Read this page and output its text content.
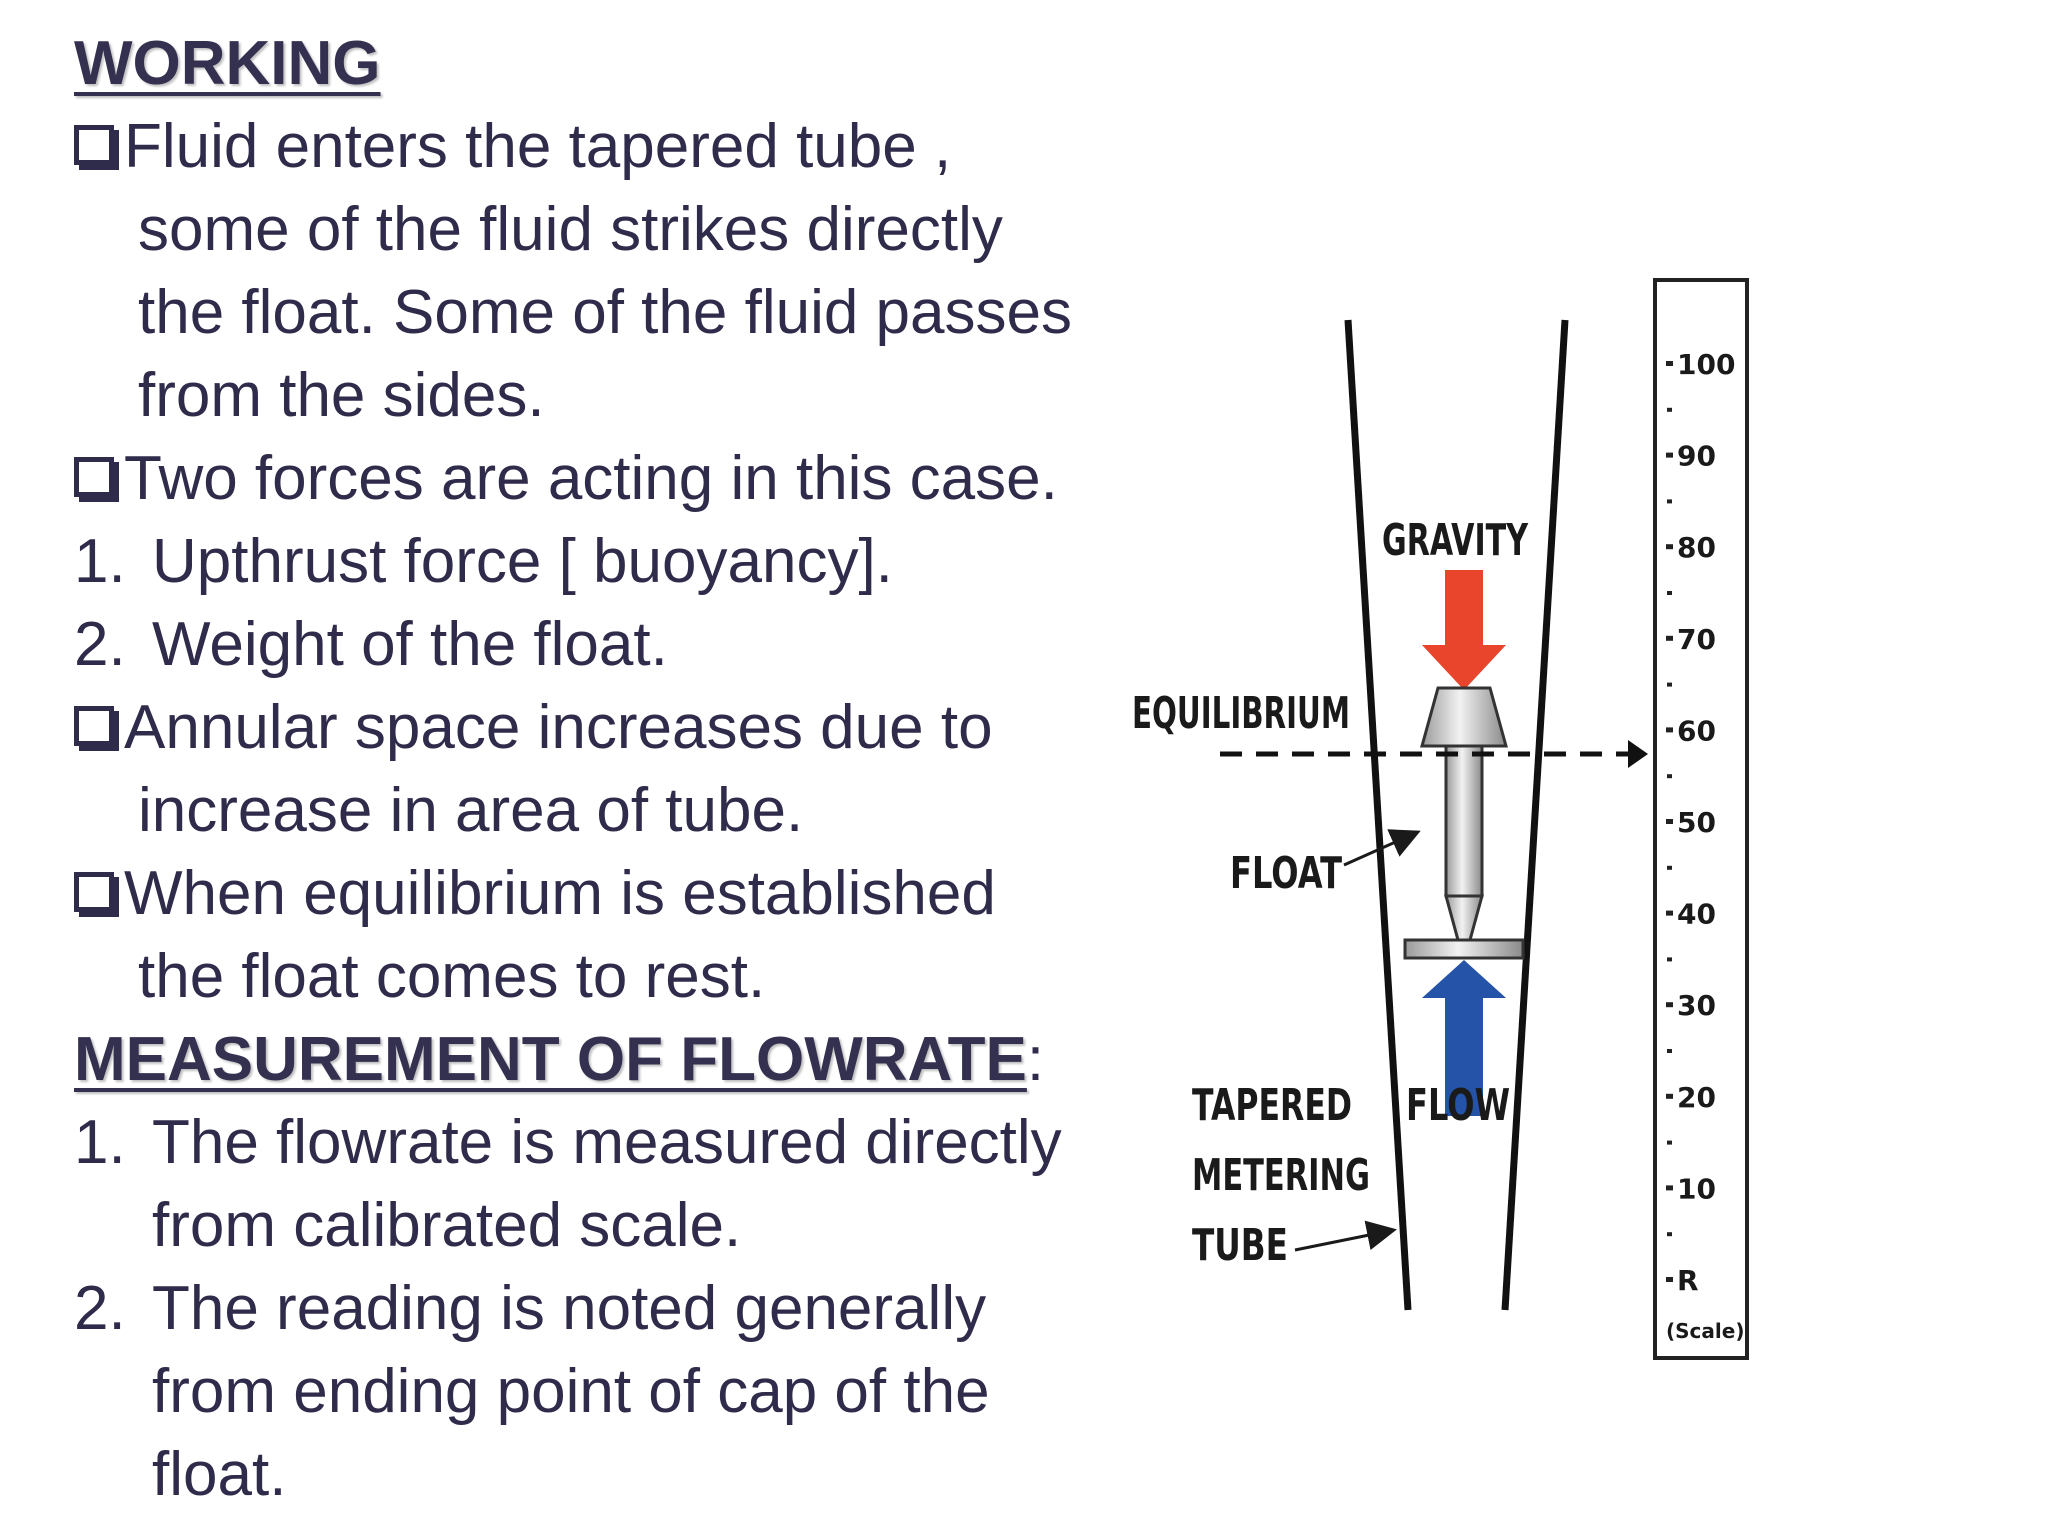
WORKING
Fluid enters the tapered tube ,
some of the fluid strikes directly
the float. Some of the fluid passes
from the sides.
Two forces are acting in this case.
1. Upthrust force [ buoyancy].
2. Weight of the float.
Annular space increases due to
increase in area of tube.
When equilibrium is established
the float comes to rest.
MEASUREMENT OF FLOWRATE:
1. The flowrate is measured directly
from calibrated scale.
2. The reading is noted generally
from ending point of cap of the
float.
GRAVITY
EQUILIBRIUM
FLOAT
TAPERED
METERING
TUBE
FLOW
100
90
80
70
60
50
40
30
20
10
R
(Scale)
